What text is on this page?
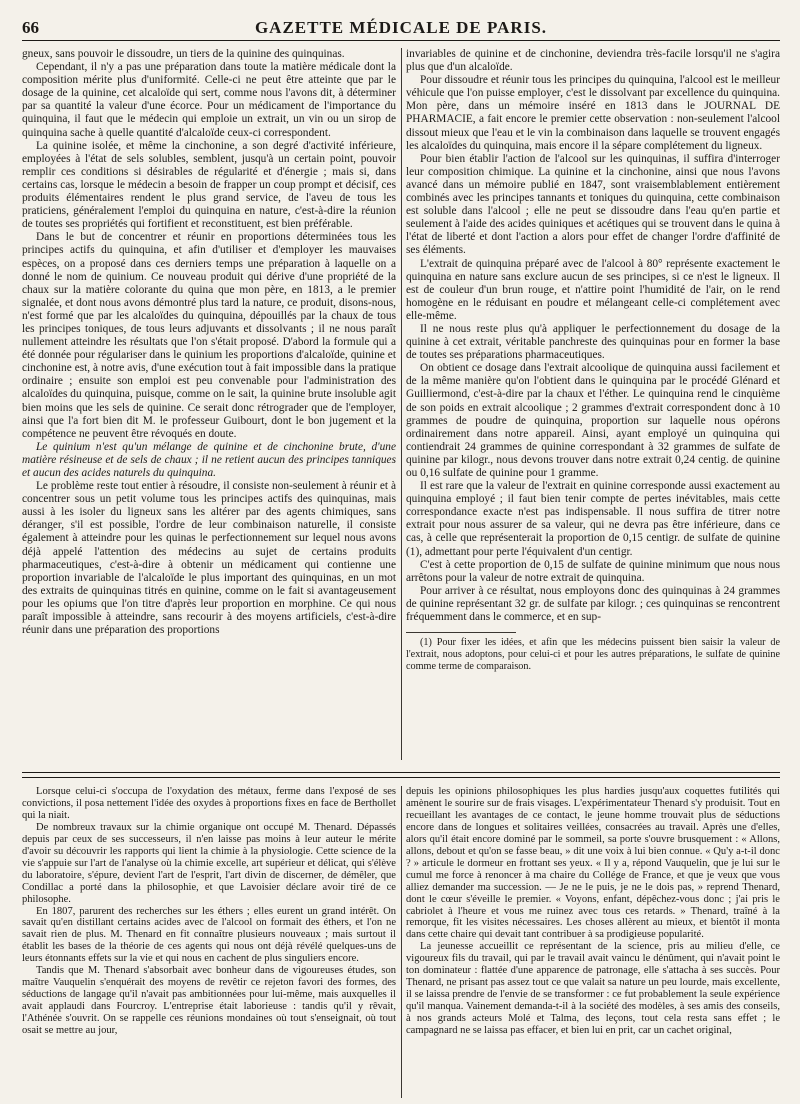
66	GAZETTE MÉDICALE DE PARIS.

gneux, sans pouvoir le dissoudre, un tiers de la quinine des quinquinas.

Cependant, il n'y a pas une préparation dans toute la matière médicale dont la composition mérite plus d'uniformité. Celle-ci ne peut être atteinte que par le dosage de la quinine, cet alcaloïde qui sert, comme nous l'avons dit, à déterminer par sa quantité la valeur d'une écorce. Pour un médicament de l'importance du quinquina, il faut que le médecin qui emploie un extrait, un vin ou un sirop de quinquina sache à quelle quantité d'alcaloïde ceux-ci correspondent.

La quinine isolée, et même la cinchonine, a son degré d'activité inférieure, employées à l'état de sels solubles, semblent, jusqu'à un certain point, pouvoir remplir ces conditions si désirables de régularité et d'énergie ; mais si, dans certains cas, lorsque le médecin a besoin de frapper un coup prompt et décisif, ces produits élémentaires rendent le plus grand service, de l'aveu de tous les praticiens, généralement l'emploi du quinquina en nature, c'est-à-dire la réunion de toutes ses propriétés qui fortifient et reconstituent, est bien préférable.

Dans le but de concentrer et réunir en proportions déterminées tous les principes actifs du quinquina, et afin d'utiliser et d'employer les mauvaises espèces, on a proposé dans ces derniers temps une préparation à laquelle on a donné le nom de quinium. Ce nouveau produit qui dérive d'une propriété de la chaux sur la matière colorante du quina que mon père, en 1813, a le premier signalée, et dont nous avons démontré plus tard la nature, ce produit, disons-nous, n'est formé que par les alcaloïdes du quinquina, dépouillés par la chaux de tous les principes toniques, de tous leurs adjuvants et dissolvants ; il ne nous paraît nullement atteindre les résultats que l'on s'était proposé. D'abord la formule qui a été donnée pour régulariser dans le quinium les proportions d'alcaloïde, quinine et cinchonine est, à notre avis, d'une exécution tout à fait impossible dans la pratique ordinaire ; ensuite son emploi est peu convenable pour l'administration des alcaloïdes du quinquina, puisque, comme on le sait, la quinine brute insoluble agit bien moins que les sels de quinine. Ce serait donc rétrograder que de l'employer, ainsi que l'a fort bien dit M. le professeur Guibourt, dont le bon jugement et la compétence ne peuvent être révoqués en doute.

Le quinium n'est qu'un mélange de quinine et de cinchonine brute, d'une matière résineuse et de sels de chaux ; il ne retient aucun des principes tanniques et aucun des acides naturels du quinquina.

Le problème reste tout entier à résoudre, il consiste non-seulement à réunir et à concentrer sous un petit volume tous les principes actifs des quinquinas, mais aussi à les isoler du ligneux sans les altérer par des agents chimiques, sans déranger, s'il est possible, l'ordre de leur combinaison naturelle, il consiste également à atteindre pour les quinas le perfectionnement sur lequel nous avons déjà appelé l'attention des médecins au sujet de certains produits pharmaceutiques, c'est-à-dire à obtenir un médicament qui contienne une proportion invariable de l'alcaloïde le plus important des quinquinas, en un mot des extraits de quinquinas titrés en quinine, comme on le fait si avantageusement pour les opiums que l'on titre d'après leur proportion en morphine. Ce qui nous paraît impossible à atteindre, sans recourir à des moyens artificiels, c'est-à-dire réunir dans une préparation des proportions

invariables de quinine et de cinchonine, deviendra très-facile lorsqu'il ne s'agira plus que d'un alcaloïde.

Pour dissoudre et réunir tous les principes du quinquina, l'alcool est le meilleur véhicule que l'on puisse employer, c'est le dissolvant par excellence du quinquina. Mon père, dans un mémoire inséré en 1813 dans le JOURNAL DE PHARMACIE, a fait encore le premier cette observation : non-seulement l'alcool dissout mieux que l'eau et le vin la combinaison dans laquelle se trouvent engagés les alcaloïdes du quinquina, mais encore il la sépare complétement du ligneux.

Pour bien établir l'action de l'alcool sur les quinquinas, il suffira d'interroger leur composition chimique. La quinine et la cinchonine, ainsi que nous l'avons avancé dans un mémoire publié en 1847, sont vraisemblablement entièrement combinés avec les principes tannants et toniques du quinquina, cette combinaison est soluble dans l'alcool ; elle ne peut se dissoudre dans l'eau qu'en partie et seulement à l'aide des acides quiniques et acétiques qui se trouvent dans le quina à l'état de liberté et dont l'action a alors pour effet de changer l'ordre d'affinité de ses éléments.

L'extrait de quinquina préparé avec de l'alcool à 80° représente exactement le quinquina en nature sans exclure aucun de ses principes, si ce n'est le ligneux. Il est de couleur d'un brun rouge, et n'attire point l'humidité de l'air, on le rend homogène en le réduisant en poudre et mélangeant celle-ci complétement avec elle-même.

Il ne nous reste plus qu'à appliquer le perfectionnement du dosage de la quinine à cet extrait, véritable panchreste des quinquinas pour en former la base de toutes ses préparations pharmaceutiques.

On obtient ce dosage dans l'extrait alcoolique de quinquina aussi facilement et de la même manière qu'on l'obtient dans le quinquina par le procédé Glénard et Guilliermond, c'est-à-dire par la chaux et l'éther. Le quinquina rend le cinquième de son poids en extrait alcoolique ; 2 grammes d'extrait correspondent donc à 10 grammes de poudre de quinquina, proportion sur laquelle nous opérons ordinairement dans notre appareil. Ainsi, ayant employé un quinquina qui contiendrait 24 grammes de quinine correspondant à 32 grammes de sulfate de quinine par kilogr., nous devons trouver dans notre extrait 0,24 centig. de quinine ou 0,16 sulfate de quinine pour 1 gramme.

Il est rare que la valeur de l'extrait en quinine corresponde aussi exactement au quinquina employé ; il faut bien tenir compte de pertes inévitables, mais cette correspondance exacte n'est pas indispensable. Il nous suffira de titrer notre extrait pour nous assurer de sa valeur, qui ne devra pas être inférieure, dans ce cas, à celle que représenterait la proportion de 0,15 centigr. de sulfate de quinine (1), admettant pour perte l'équivalent d'un centigr.

C'est à cette proportion de 0,15 de sulfate de quinine minimum que nous nous arrêtons pour la valeur de notre extrait de quinquina.

Pour arriver à ce résultat, nous employons donc des quinquinas à 24 grammes de quinine représentant 32 gr. de sulfate par kilogr. ; ces quinquinas se rencontrent fréquemment dans le commerce, et en sup-

(1) Pour fixer les idées, et afin que les médecins puissent bien saisir la valeur de l'extrait, nous adoptons, pour celui-ci et pour les autres préparations, le sulfate de quinine comme terme de comparaison.

Lorsque celui-ci s'occupa de l'oxydation des métaux, ferme dans l'exposé de ses convictions, il posa nettement l'idée des oxydes à proportions fixes en face de Berthollet qui la niait.

De nombreux travaux sur la chimie organique ont occupé M. Thenard. Dépassés depuis par ceux de ses successeurs, il n'en laisse pas moins à leur auteur le mérite d'avoir su découvrir les rapports qui lient la chimie à la physiologie. Cette science de la vie s'appuie sur l'art de l'analyse où la chimie excelle, art supérieur et délicat, qui s'élève du laboratoire, s'épure, devient l'art de l'esprit, l'art divin de discerner, de démêler, que Condillac a porté dans la philosophie, et que Lavoisier déclare avoir tiré de ce philosophe.

En 1807, parurent des recherches sur les éthers ; elles eurent un grand intérêt. On savait qu'en distillant certains acides avec de l'alcool on formait des éthers, et l'on ne savait rien de plus. M. Thenard en fit connaître plusieurs nouveaux ; mais surtout il établit les bases de la théorie de ces agents qui nous ont déjà révélé quelques-uns de leurs étonnants effets sur la vie et qui nous en cachent de plus singuliers encore.

Tandis que M. Thenard s'absorbait avec bonheur dans de vigoureuses études, son maître Vauquelin s'enquérait des moyens de revêtir ce rejeton favori des formes, des séductions de langage qu'il n'avait pas ambitionnées pour lui-même, mais auxquelles il avait applaudi dans Fourcroy. L'entreprise était laborieuse : tandis qu'il y rêvait, l'Athénée s'ouvrit. On se rappelle ces réunions mondaines où tout s'enseignait, où tout osait se mettre au jour,

depuis les opinions philosophiques les plus hardies jusqu'aux coquettes futilités qui amènent le sourire sur de frais visages. L'expérimentateur Thenard s'y produisit. Tout en recueillant les avantages de ce contact, le jeune homme trouvait plus de séductions encore dans de longues et solitaires veillées, consacrées au travail. Après une d'elles, alors qu'il était encore dominé par le sommeil, sa porte s'ouvre brusquement : « Allons, allons, debout et qu'on se fasse beau, » dit une voix à lui bien connue. « Qu'y a-t-il donc ? » articule le dormeur en frottant ses yeux. « Il y a, répond Vauquelin, que je lui sur le cumul me force à renoncer à ma chaire du Collége de France, et que je veux que vous alliez demander ma succession. — Je ne le puis, je ne le dois pas, » reprend Thenard, dont le cœur s'éveille le premier. « Voyons, enfant, dépêchez-vous donc ; j'ai pris le cabriolet à l'heure et vous me ruinez avec tous ces retards. » Thenard, traîné à la remorque, fit les visites nécessaires. Les choses allèrent au mieux, et bientôt il monta dans cette chaire qui devait tant contribuer à sa prodigieuse popularité.

La jeunesse accueillit ce représentant de la science, pris au milieu d'elle, ce vigoureux fils du travail, qui par le travail avait vaincu le dénûment, qui n'avait point le ton dominateur : flattée d'une apparence de patronage, elle s'attacha à ses succès. Pour Thenard, ne prisant pas assez tout ce que valait sa nature un peu lourde, mais excellente, il se laissa prendre de l'envie de se transformer : ce fut probablement la seule expérience qu'il manqua. Vainement demanda-t-il à la société des modèles, à ses amis des conseils, à nos grands acteurs Molé et Talma, des leçons, tout cela resta sans effet ; le campagnard ne se laissa pas effacer, et bien lui en prit, car un cachet original,
